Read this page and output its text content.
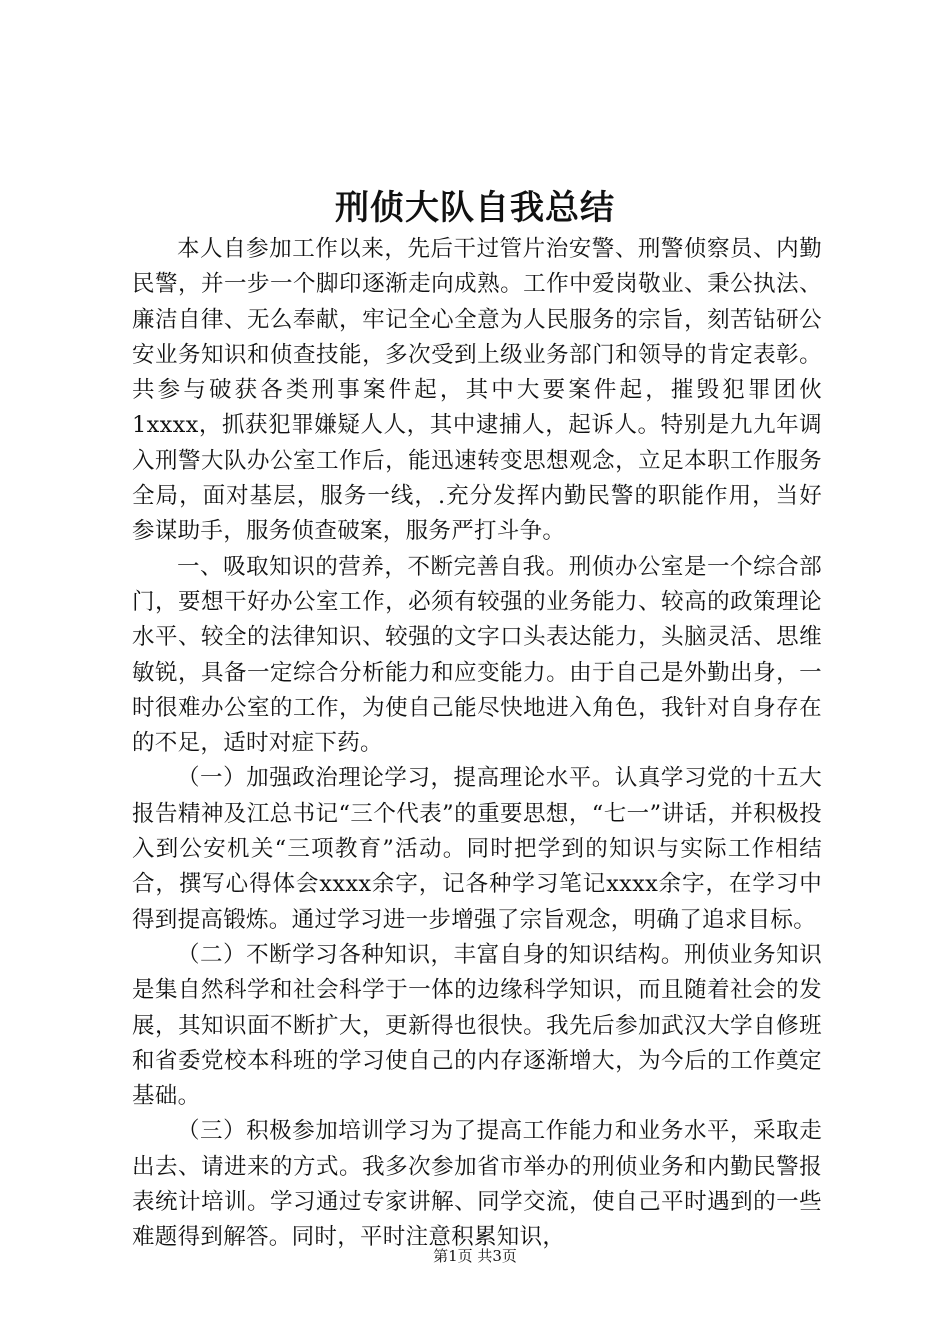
刑侦大队自我总结

本人自参加工作以来，先后干过管片治安警、刑警侦察员、内勤民警，并一步一个脚印逐渐走向成熟。工作中爱岗敬业、秉公执法、廉洁自律、无么奉献，牢记全心全意为人民服务的宗旨，刻苦钻研公安业务知识和侦查技能，多次受到上级业务部门和领导的肯定表彰。共参与破获各类刑事案件起，其中大要案件起，摧毁犯罪团伙1xxxx，抓获犯罪嫌疑人人，其中逮捕人，起诉人。特别是九九年调入刑警大队办公室工作后，能迅速转变思想观念，立足本职工作服务全局，面对基层，服务一线，.充分发挥内勤民警的职能作用，当好参谋助手，服务侦查破案，服务严打斗争。

一、吸取知识的营养，不断完善自我。刑侦办公室是一个综合部门，要想干好办公室工作，必须有较强的业务能力、较高的政策理论水平、较全的法律知识、较强的文字口头表达能力，头脑灵活、思维敏锐，具备一定综合分析能力和应变能力。由于自己是外勤出身，一时很难办公室的工作，为使自己能尽快地进入角色，我针对自身存在的不足，适时对症下药。

（一）加强政治理论学习，提高理论水平。认真学习党的十五大报告精神及江总书记“三个代表”的重要思想，“七一”讲话，并积极投入到公安机关“三项教育”活动。同时把学到的知识与实际工作相结合，撰写心得体会xxxx余字，记各种学习笔记xxxx余字，在学习中得到提高锻炼。通过学习进一步增强了宗旨观念，明确了追求目标。

（二）不断学习各种知识，丰富自身的知识结构。刑侦业务知识是集自然科学和社会科学于一体的边缘科学知识，而且随着社会的发展，其知识面不断扩大，更新得也很快。我先后参加武汉大学自修班和省委党校本科班的学习使自己的内存逐渐增大，为今后的工作奠定基础。

（三）积极参加培训学习为了提高工作能力和业务水平，采取走出去、请进来的方式。我多次参加省市举办的刑侦业务和内勤民警报表统计培训。学习通过专家讲解、同学交流，使自己平时遇到的一些难题得到解答。同时，平时注意积累知识，

第1页 共3页
